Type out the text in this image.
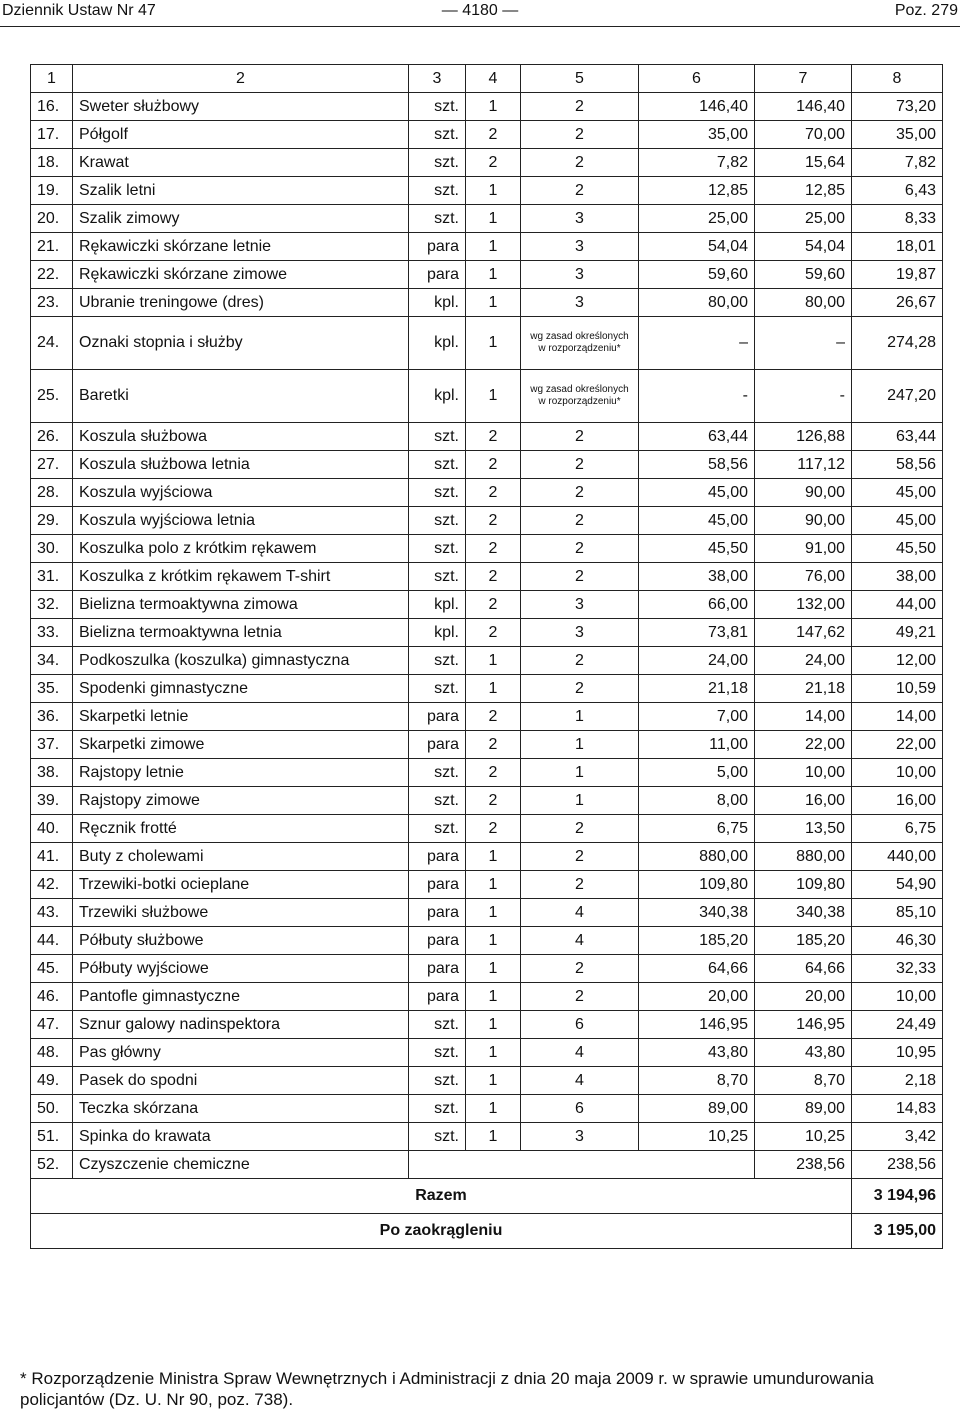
Dziennik Ustaw Nr 47	— 4180 —	Poz. 279
1	2	3	4	5	6	7	8
16.	Sweter służbowy	szt.	1	2	146,40	146,40	73,20
17.	Półgolf	szt.	2	2	35,00	70,00	35,00
18.	Krawat	szt.	2	2	7,82	15,64	7,82
19.	Szalik letni	szt.	1	2	12,85	12,85	6,43
20.	Szalik zimowy	szt.	1	3	25,00	25,00	8,33
21.	Rękawiczki skórzane letnie	para	1	3	54,04	54,04	18,01
22.	Rękawiczki skórzane zimowe	para	1	3	59,60	59,60	19,87
23.	Ubranie treningowe (dres)	kpl.	1	3	80,00	80,00	26,67
24.	Oznaki stopnia i służby	kpl.	1	wg zasad określonych w rozporządzeniu*	–	–	274,28
25.	Baretki	kpl.	1	wg zasad określonych w rozporządzeniu*	-	-	247,20
26.	Koszula służbowa	szt.	2	2	63,44	126,88	63,44
27.	Koszula służbowa letnia	szt.	2	2	58,56	117,12	58,56
28.	Koszula wyjściowa	szt.	2	2	45,00	90,00	45,00
29.	Koszula wyjściowa letnia	szt.	2	2	45,00	90,00	45,00
30.	Koszulka polo z krótkim rękawem	szt.	2	2	45,50	91,00	45,50
31.	Koszulka z krótkim rękawem T-shirt	szt.	2	2	38,00	76,00	38,00
32.	Bielizna termoaktywna zimowa	kpl.	2	3	66,00	132,00	44,00
33.	Bielizna termoaktywna letnia	kpl.	2	3	73,81	147,62	49,21
34.	Podkoszulka (koszulka) gimnastyczna	szt.	1	2	24,00	24,00	12,00
35.	Spodenki gimnastyczne	szt.	1	2	21,18	21,18	10,59
36.	Skarpetki letnie	para	2	1	7,00	14,00	14,00
37.	Skarpetki zimowe	para	2	1	11,00	22,00	22,00
38.	Rajstopy letnie	szt.	2	1	5,00	10,00	10,00
39.	Rajstopy zimowe	szt.	2	1	8,00	16,00	16,00
40.	Ręcznik frotté	szt.	2	2	6,75	13,50	6,75
41.	Buty z cholewami	para	1	2	880,00	880,00	440,00
42.	Trzewiki-botki ocieplane	para	1	2	109,80	109,80	54,90
43.	Trzewiki służbowe	para	1	4	340,38	340,38	85,10
44.	Półbuty służbowe	para	1	4	185,20	185,20	46,30
45.	Półbuty wyjściowe	para	1	2	64,66	64,66	32,33
46.	Pantofle gimnastyczne	para	1	2	20,00	20,00	10,00
47.	Sznur galowy nadinspektora	szt.	1	6	146,95	146,95	24,49
48.	Pas główny	szt.	1	4	43,80	43,80	10,95
49.	Pasek do spodni	szt.	1	4	8,70	8,70	2,18
50.	Teczka skórzana	szt.	1	6	89,00	89,00	14,83
51.	Spinka do krawata	szt.	1	3	10,25	10,25	3,42
52.	Czyszczenie chemiczne					238,56	238,56
Razem							3 194,96
Po zaokrągleniu							3 195,00
* Rozporządzenie Ministra Spraw Wewnętrznych i Administracji z dnia 20 maja 2009 r. w sprawie umundurowania policjantów (Dz. U. Nr 90, poz. 738).
